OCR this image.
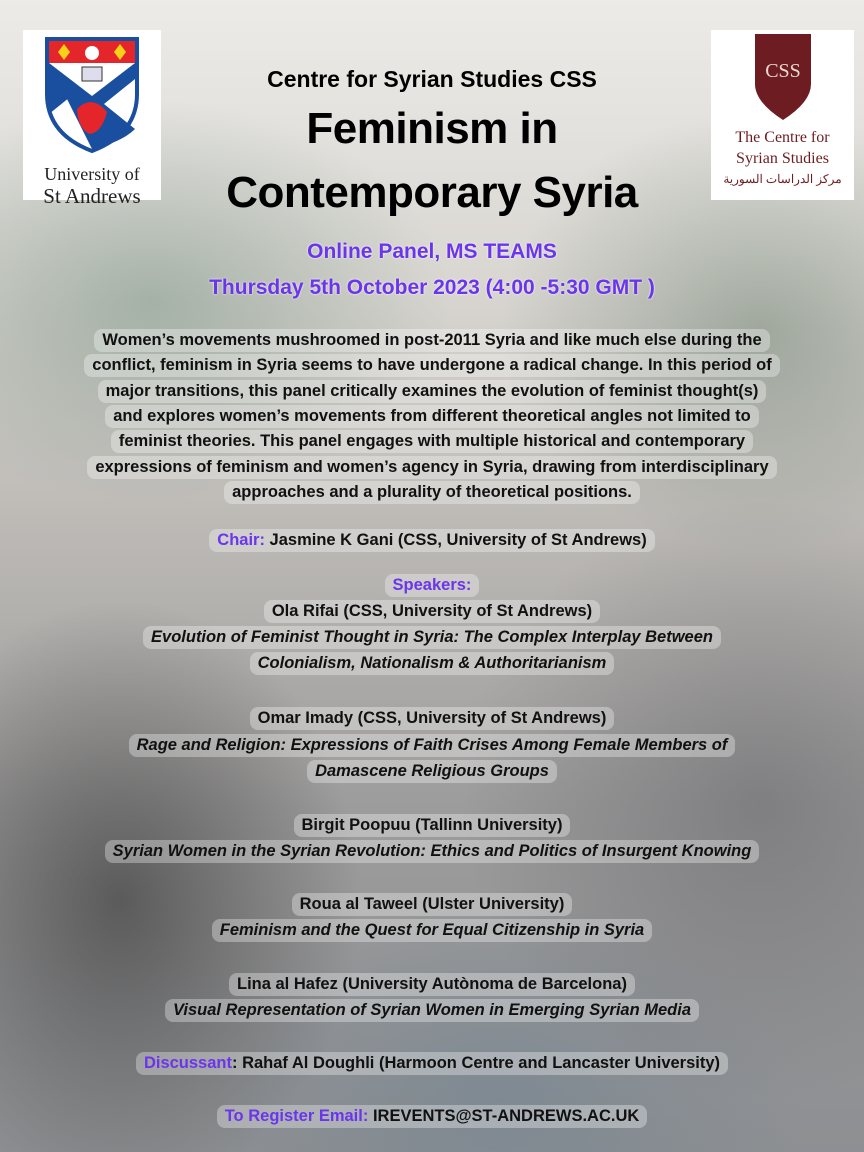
University of
St Andrews
CSS
The Centre for
Syrian Studies
مركز الدراسات السورية
Centre for Syrian Studies CSS
Feminism in
Contemporary Syria
Online Panel, MS TEAMS
Thursday 5th October 2023 (4:00 -5:30 GMT )
Women’s movements mushroomed in post-2011 Syria and like much else during the
conflict, feminism in Syria seems to have undergone a radical change. In this period of
major transitions, this panel critically examines the evolution of feminist thought(s)
and explores women’s movements from different theoretical angles not limited to
feminist theories. This panel engages with multiple historical and contemporary
expressions of feminism and women’s agency in Syria, drawing from interdisciplinary
approaches and a plurality of theoretical positions.
Chair: Jasmine K Gani (CSS, University of St Andrews)
Speakers:
Ola Rifai (CSS, University of St Andrews)
Evolution of Feminist Thought in Syria: The Complex Interplay Between
Colonialism, Nationalism & Authoritarianism
Omar Imady (CSS, University of St Andrews)
Rage and Religion: Expressions of Faith Crises Among Female Members of
Damascene Religious Groups
Birgit Poopuu (Tallinn University)
Syrian Women in the Syrian Revolution: Ethics and Politics of Insurgent Knowing
Roua al Taweel (Ulster University)
Feminism and the Quest for Equal Citizenship in Syria
Lina al Hafez (University Autònoma de Barcelona)
Visual Representation of Syrian Women in Emerging Syrian Media
Discussant: Rahaf Al Doughli (Harmoon Centre and Lancaster University)
To Register Email: IREVENTS@ST-ANDREWS.AC.UK
